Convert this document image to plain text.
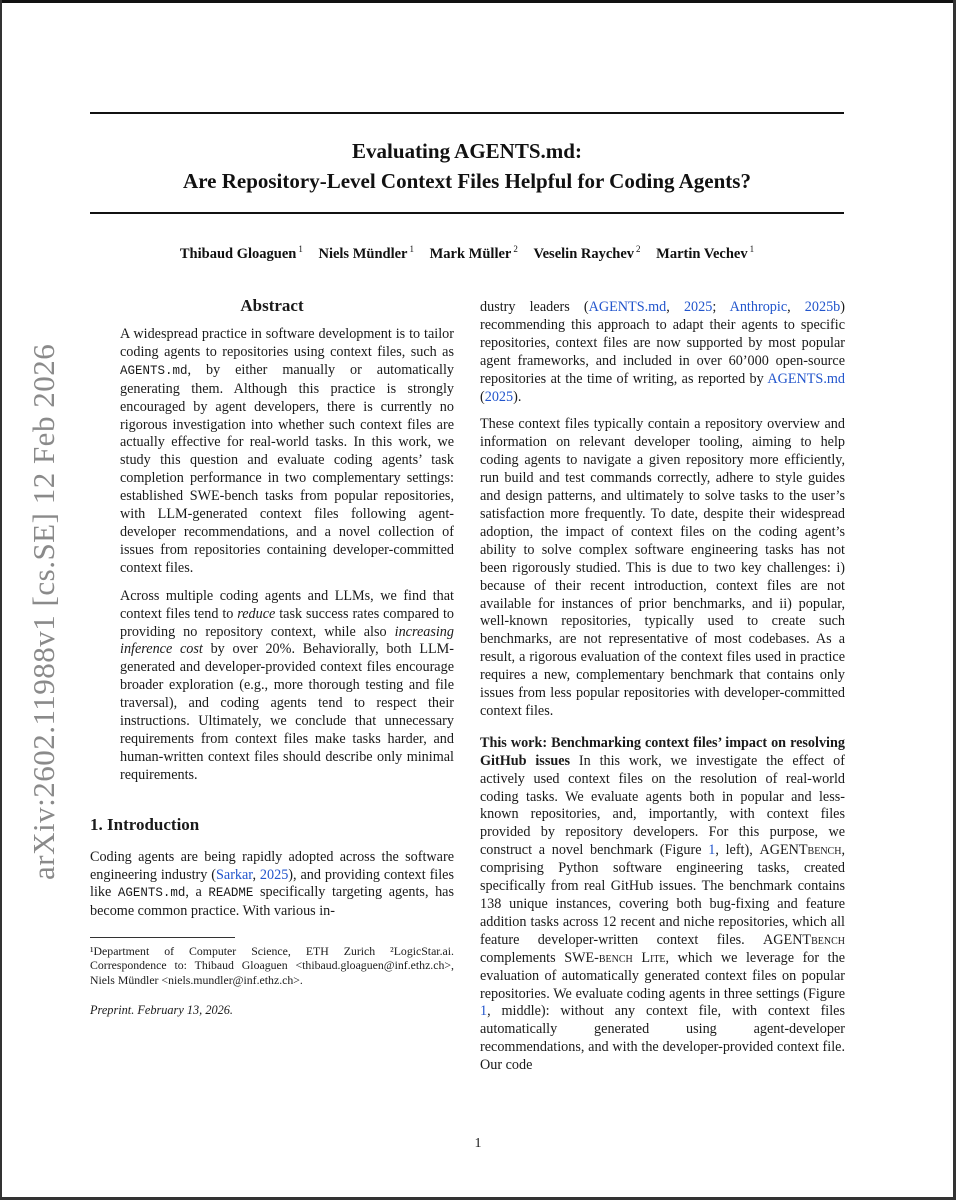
Evaluating AGENTS.md:
Are Repository-Level Context Files Helpful for Coding Agents?
Thibaud Gloaguen $^1$ Niels Mündler $^1$ Mark Müller $^2$ Veselin Raychev $^2$ Martin Vechev $^1$
arXiv:2602.11988v1 [cs.SE] 12 Feb 2026
Abstract

A widespread practice in software development is to tailor coding agents to repositories using context files, such as AGENTS.md, by either manually or automatically generating them. Although this practice is strongly encouraged by agent developers, there is currently no rigorous investigation into whether such context files are actually effective for real-world tasks. In this work, we study this question and evaluate coding agents’ task completion performance in two complementary settings: established SWE-bench tasks from popular repositories, with LLM-generated context files following agent-developer recommendations, and a novel collection of issues from repositories containing developer-committed context files.

Across multiple coding agents and LLMs, we find that context files tend to reduce task success rates compared to providing no repository context, while also increasing inference cost by over 20%. Behaviorally, both LLM-generated and developer-provided context files encourage broader exploration (e.g., more thorough testing and file traversal), and coding agents tend to respect their instructions. Ultimately, we conclude that unnecessary requirements from context files make tasks harder, and human-written context files should describe only minimal requirements.

1. Introduction

Coding agents are being rapidly adopted across the software engineering industry (Sarkar, 2025), and providing context files like AGENTS.md, a README specifically targeting agents, has become common practice. With various in-

¹Department of Computer Science, ETH Zurich ²LogicStar.ai. Correspondence to: Thibaud Gloaguen <thibaud.gloaguen@inf.ethz.ch>, Niels Mündler <niels.mundler@inf.ethz.ch>.
Preprint. February 13, 2026.

dustry leaders (AGENTS.md, 2025; Anthropic, 2025b) recommending this approach to adapt their agents to specific repositories, context files are now supported by most popular agent frameworks, and included in over 60’000 open-source repositories at the time of writing, as reported by AGENTS.md (2025).

These context files typically contain a repository overview and information on relevant developer tooling, aiming to help coding agents to navigate a given repository more efficiently, run build and test commands correctly, adhere to style guides and design patterns, and ultimately to solve tasks to the user’s satisfaction more frequently. To date, despite their widespread adoption, the impact of context files on the coding agent’s ability to solve complex software engineering tasks has not been rigorously studied. This is due to two key challenges: i) because of their recent introduction, context files are not available for instances of prior benchmarks, and ii) popular, well-known repositories, typically used to create such benchmarks, are not representative of most codebases. As a result, a rigorous evaluation of the context files used in practice requires a new, complementary benchmark that contains only issues from less popular repositories with developer-committed context files.

This work: Benchmarking context files’ impact on resolving GitHub issues In this work, we investigate the effect of actively used context files on the resolution of real-world coding tasks. We evaluate agents both in popular and less-known repositories, and, importantly, with context files provided by repository developers. For this purpose, we construct a novel benchmark (Figure 1, left), AGENTbench, comprising Python software engineering tasks, created specifically from real GitHub issues. The benchmark contains 138 unique instances, covering both bug-fixing and feature addition tasks across 12 recent and niche repositories, which all feature developer-written context files. AGENTbench complements SWE-bench Lite, which we leverage for the evaluation of automatically generated context files on popular repositories. We evaluate coding agents in three settings (Figure 1, middle): without any context file, with context files automatically generated using agent-developer recommendations, and with the developer-provided context file. Our code

1
